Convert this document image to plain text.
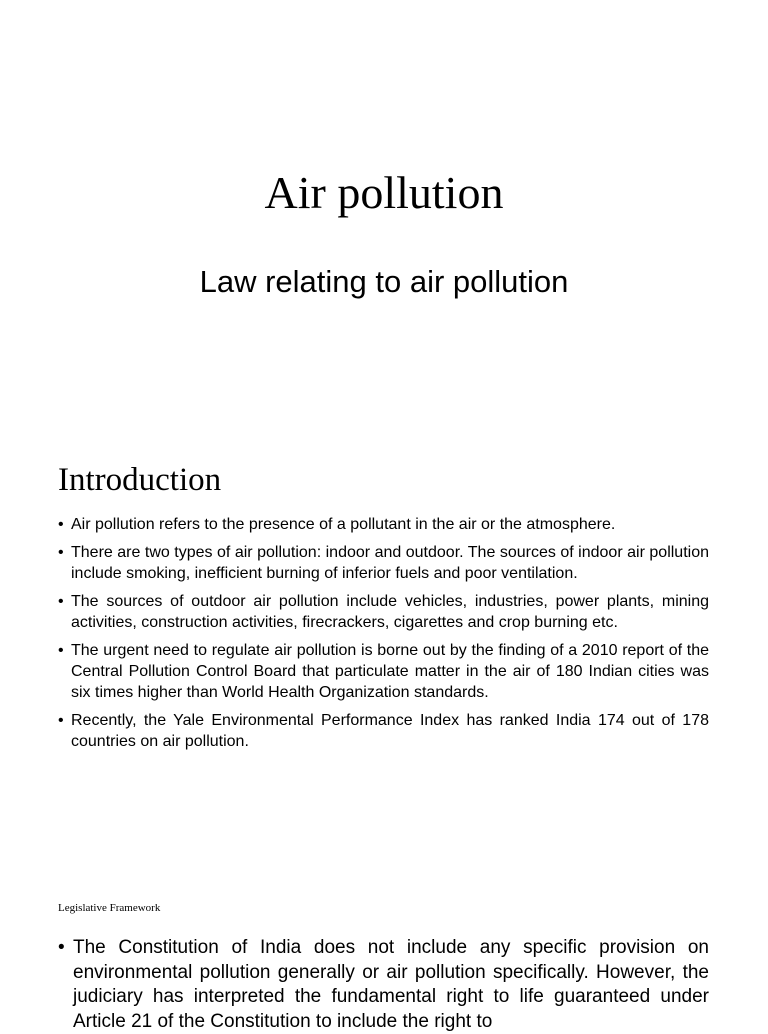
Air pollution
Law relating to air pollution
Introduction
• Air pollution refers to the presence of a pollutant in the air or the atmosphere.
• There are two types of air pollution: indoor and outdoor. The sources of indoor air pollution include smoking, inefficient burning of inferior fuels and poor ventilation.
• The sources of outdoor air pollution include vehicles, industries, power plants, mining activities, construction activities, firecrackers, cigarettes and crop burning etc.
• The urgent need to regulate air pollution is borne out by the finding of a 2010 report of the Central Pollution Control Board that particulate matter in the air of 180 Indian cities was six times higher than World Health Organization standards.
• Recently, the Yale Environmental Performance Index has ranked India 174 out of 178 countries on air pollution.
Legislative Framework
• The Constitution of India does not include any specific provision on environmental pollution generally or air pollution specifically. However, the judiciary has interpreted the fundamental right to life guaranteed under Article 21 of the Constitution to include the right to
